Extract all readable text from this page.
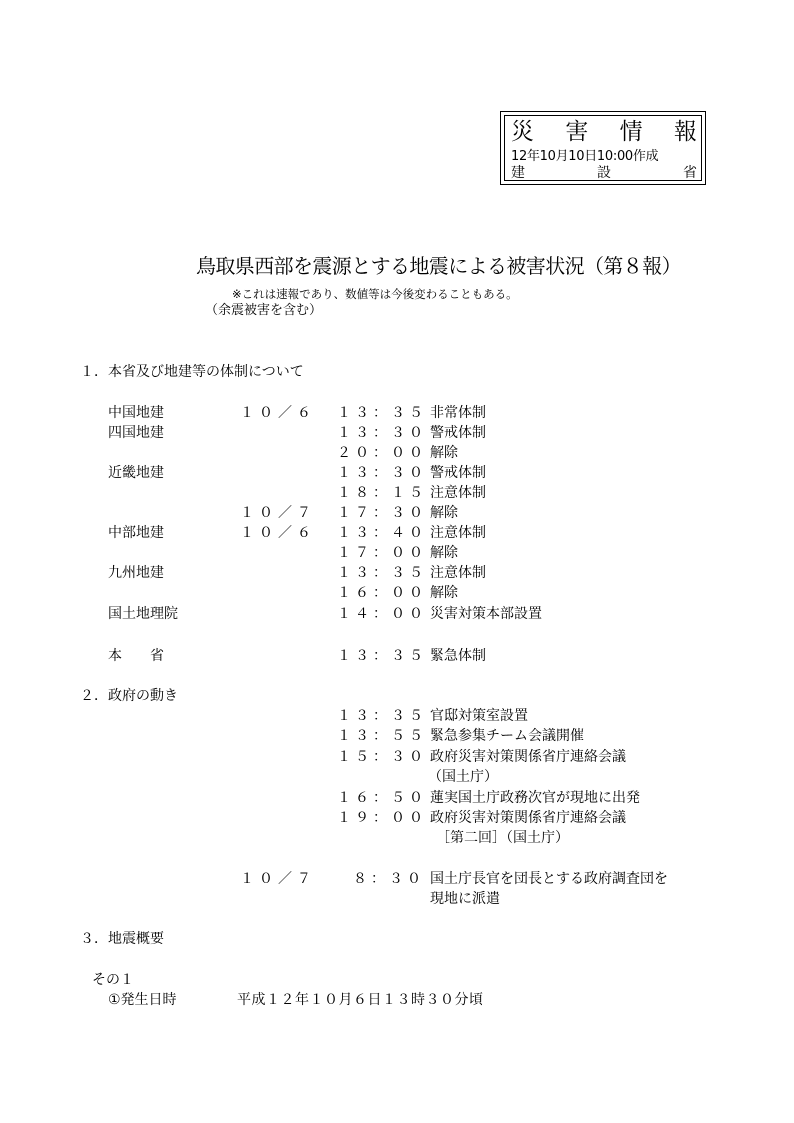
災 害 情 報
12年10月10日10:00作成
建	設	省
鳥取県西部を震源とする地震による被害状況（第８報）
※これは速報であり、数値等は今後変わることもある。
（余震被害を含む）
１．本省及び地建等の体制について
中国地建	１０／６ １３：３５ 非常体制
四国地建	１３：３０ 警戒体制
２０：００ 解除
近畿地建	１３：３０ 警戒体制
１８：１５ 注意体制
１０／７ １７：３０ 解除
中部地建	１０／６ １３：４０ 注意体制
１７：００ 解除
九州地建	１３：３５ 注意体制
１６：００ 解除
国土地理院	１４：００ 災害対策本部設置
本　　省	１３：３５ 緊急体制
２．政府の動き
１３：３５ 官邸対策室設置
１３：５５ 緊急参集チーム会議開催
１５：３０ 政府災害対策関係省庁連絡会議
（国土庁）
１６：５０ 蓮実国土庁政務次官が現地に出発
１９：００ 政府災害対策関係省庁連絡会議
［第二回］（国土庁）
１０／７	８：３０ 国土庁長官を団長とする政府調査団を
現地に派遣
３．地震概要
その１
①発生日時	平成１２年１０月６日１３時３０分頃
